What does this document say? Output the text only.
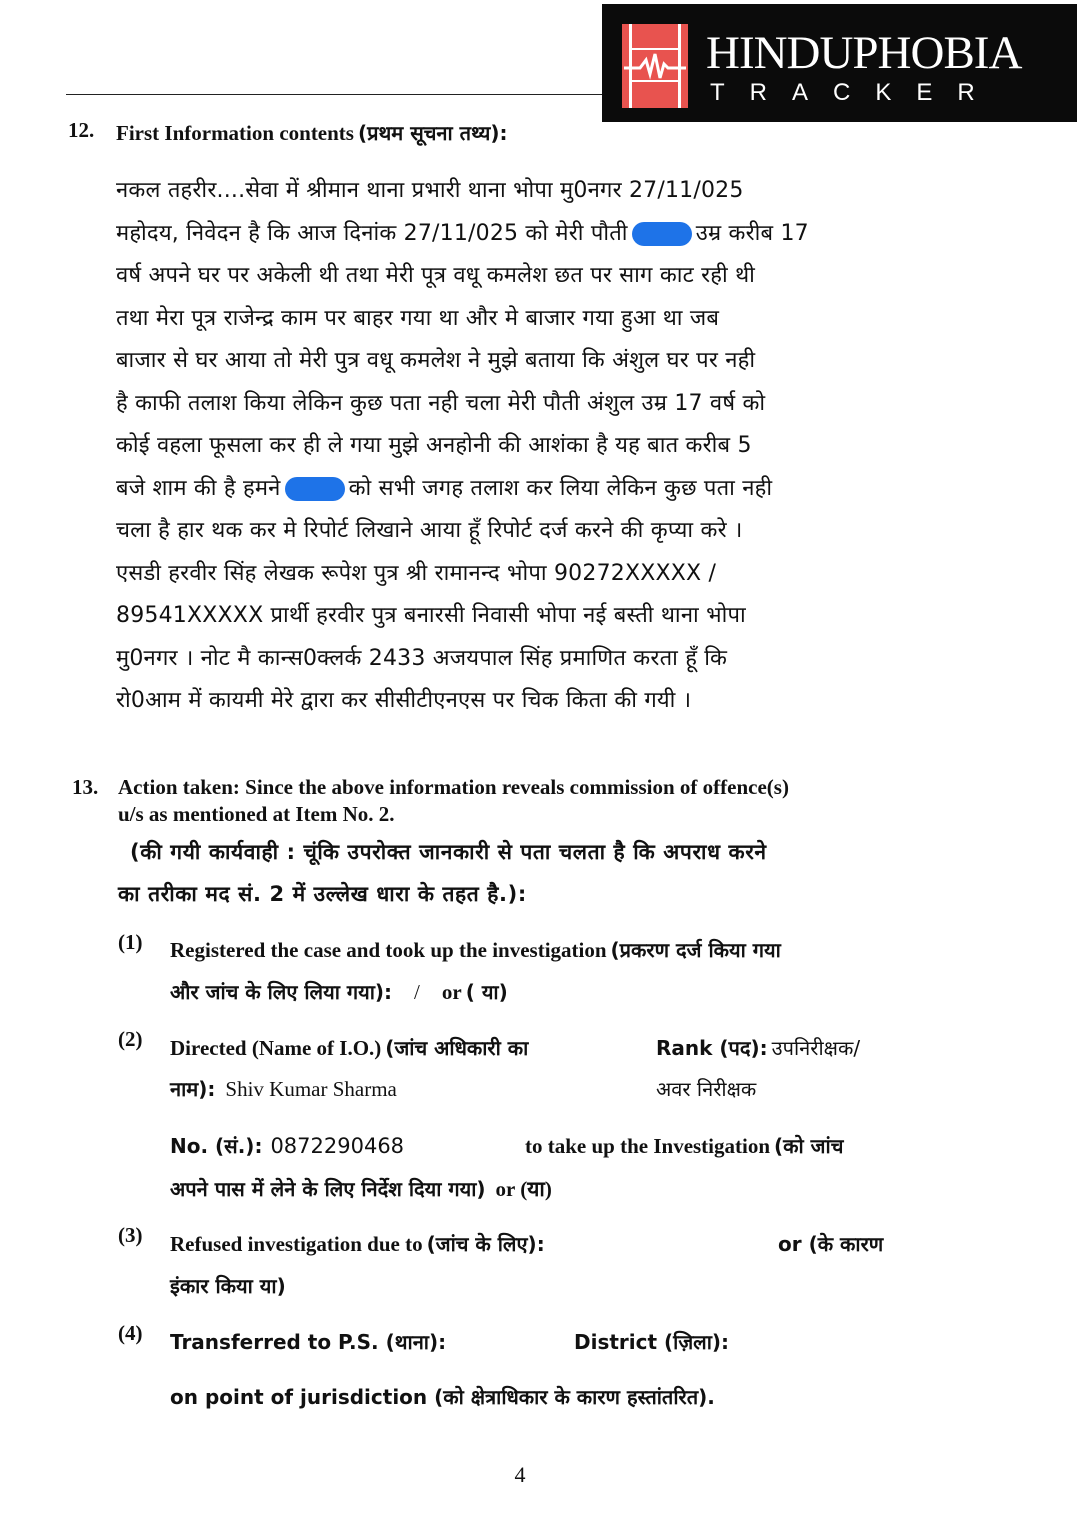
HINDUPHOBIA
TRACKER
12. First Information contents (प्रथम सूचना तथ्य):
नकल तहरीर....सेवा में श्रीमान थाना प्रभारी थाना भोपा मु0नगर 27/11/025
महोदय, निवेदन है कि आज दिनांक 27/11/025 को मेरी पौती	उम्र करीब 17
वर्ष अपने घर पर अकेली थी तथा मेरी पूत्र वधू कमलेश छत पर साग काट रही थी
तथा मेरा पूत्र राजेन्द्र काम पर बाहर गया था और मे बाजार गया हुआ था जब
बाजार से घर आया तो मेरी पुत्र वधू कमलेश ने मुझे बताया कि अंशुल घर पर नही
है काफी तलाश किया लेकिन कुछ पता नही चला मेरी पौती अंशुल उम्र 17 वर्ष को
कोई वहला फूसला कर ही ले गया मुझे अनहोनी की आशंका है यह बात करीब 5
बजे शाम की है हमने	को सभी जगह तलाश कर लिया लेकिन कुछ पता नही
चला है हार थक कर मे रिपोर्ट लिखाने आया हूँ रिपोर्ट दर्ज करने की कृप्या करे ।
एसडी हरवीर सिंह लेखक रूपेश पुत्र श्री रामानन्द भोपा 90272XXXXX /
89541XXXXX प्रार्थी हरवीर पुत्र बनारसी निवासी भोपा नई बस्ती थाना भोपा
मु0नगर । नोट मै कान्स0क्लर्क 2433 अजयपाल सिंह प्रमाणित करता हूँ कि
रो0आम में कायमी मेरे द्वारा कर सीसीटीएनएस पर चिक किता की गयी ।
13. Action taken: Since the above information reveals commission of offence(s)
u/s as mentioned at Item No. 2.
(की गयी कार्यवाही : चूंकि उपरोक्त जानकारी से पता चलता है कि अपराध करने
का तरीका मद सं. 2 में उल्लेख धारा के तहत है.):
(1) Registered the case and took up the investigation (प्रकरण दर्ज किया गया
और जांच के लिए लिया गया): / or ( या)
(2) Directed (Name of I.O.) (जांच अधिकारी का
नाम): Shiv Kumar Sharma
Rank (पद): उपनिरीक्षक/
अवर निरीक्षक
No. (सं.): 0872290468	to take up the Investigation (को जांच
अपने पास में लेने के लिए निर्देश दिया गया) or (या)
(3) Refused investigation due to (जांच के लिए):	or (के कारण
इंकार किया या)
(4) Transferred to P.S. (थाना):	District (ज़िला):
on point of jurisdiction (को क्षेत्राधिकार के कारण हस्तांतरित).
4
